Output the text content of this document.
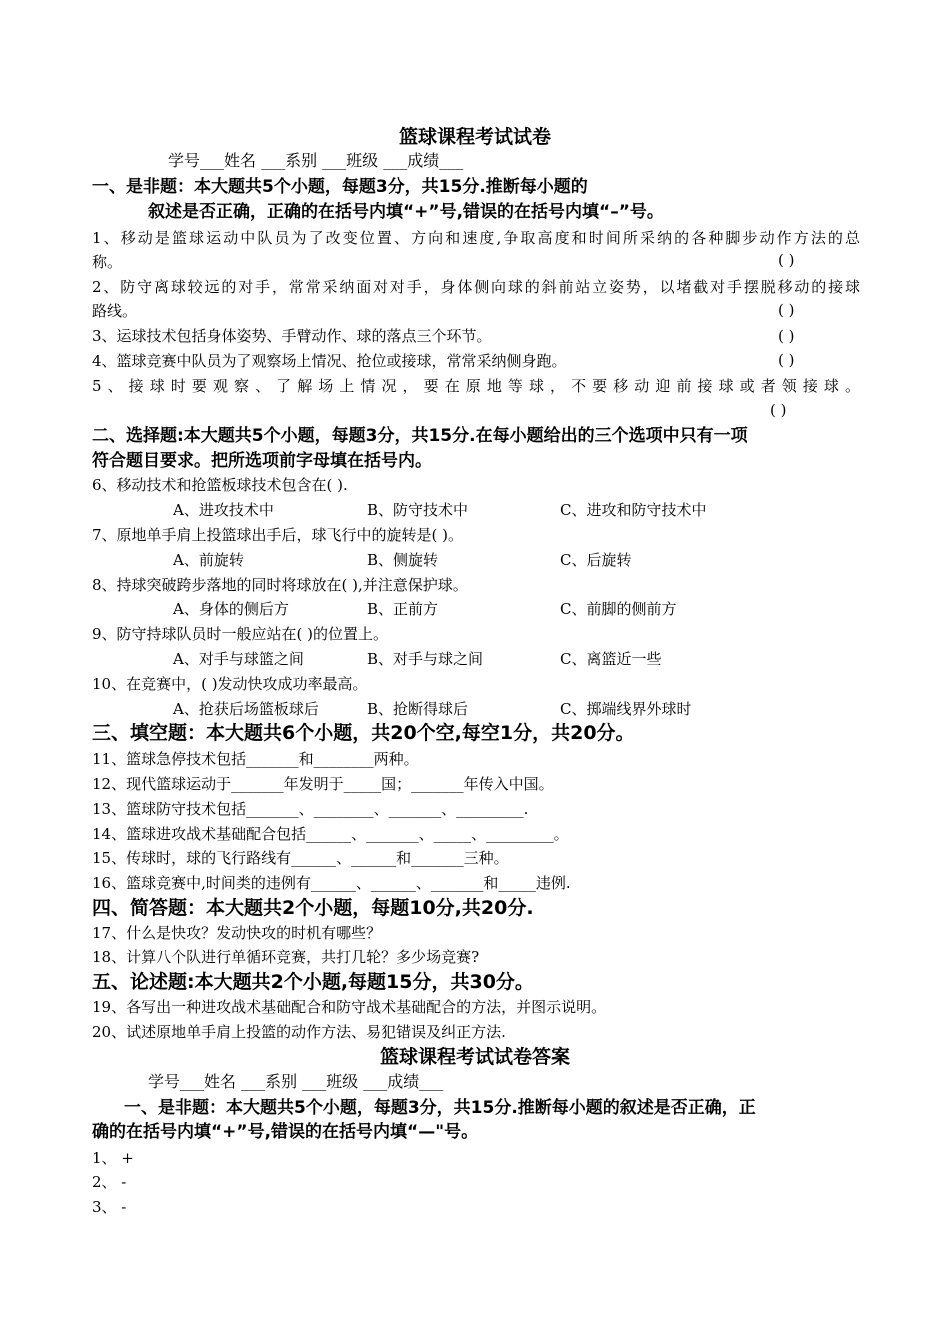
篮球课程考试试卷
学号___姓名 ___系别 ___班级 ___成绩___
一、是非题：本大题共5个小题，每题3分，共15分.推断每小题的
叙述是否正确，正确的在括号内填“+”号,错误的在括号内填“–”号。
1、移动是篮球运动中队员为了改变位置、方向和速度,争取高度和时间所采纳的各种脚步动作方法的总
称。	( )
2、防守离球较远的对手，常常采纳面对对手，身体侧向球的斜前站立姿势，以堵截对手摆脱移动的接球
路线。	( )
3、运球技术包括身体姿势、手臂动作、球的落点三个环节。	( )
4、篮球竞赛中队员为了观察场上情况、抢位或接球，常常采纳侧身跑。	( )
5、接球时要观察、了解场上情况，要在原地等球，不要移动迎前接球或者领接球。
( )
二、选择题:本大题共5个小题，每题3分，共15分.在每小题给出的三个选项中只有一项
符合题目要求。把所选项前字母填在括号内。
6、移动技术和抢篮板球技术包含在( ).
A、进攻技术中	B、防守技术中	C、进攻和防守技术中
7、原地单手肩上投篮球出手后，球飞行中的旋转是( )。
A、前旋转	B、侧旋转	C、后旋转
8、持球突破跨步落地的同时将球放在( ),并注意保护球。
A、身体的侧后方	B、正前方	C、前脚的侧前方
9、防守持球队员时一般应站在( )的位置上。
A、对手与球篮之间	B、对手与球之间	C、离篮近一些
10、在竞赛中，( )发动快攻成功率最高。
A、抢获后场篮板球后	B、抢断得球后	C、掷端线界外球时
三、填空题：本大题共6个小题，共20个空,每空1分，共20分。
11、篮球急停技术包括_______和________两种。
12、现代篮球运动于_______年发明于_____国；_______年传入中国。
13、篮球防守技术包括_______、________、_______、_________.
14、篮球进攻战术基础配合包括______、_______、_____、_________。
15、传球时，球的飞行路线有______、______和_______三种。
16、篮球竞赛中,时间类的违例有______、______、_______和_____违例.
四、简答题：本大题共2个小题，每题10分,共20分.
17、什么是快攻？发动快攻的时机有哪些？
18、计算八个队进行单循环竞赛，共打几轮？多少场竞赛?
五、论述题:本大题共2个小题,每题15分，共30分。
19、各写出一种进攻战术基础配合和防守战术基础配合的方法，并图示说明。
20、试述原地单手肩上投篮的动作方法、易犯错误及纠正方法.
篮球课程考试试卷答案
学号___姓名 ___系别 ___班级 ___成绩___
一、是非题：本大题共5个小题，每题3分，共15分.推断每小题的叙述是否正确，正
确的在括号内填“+”号,错误的在括号内填“—"号。
1、 +
2、 -
3、 -
